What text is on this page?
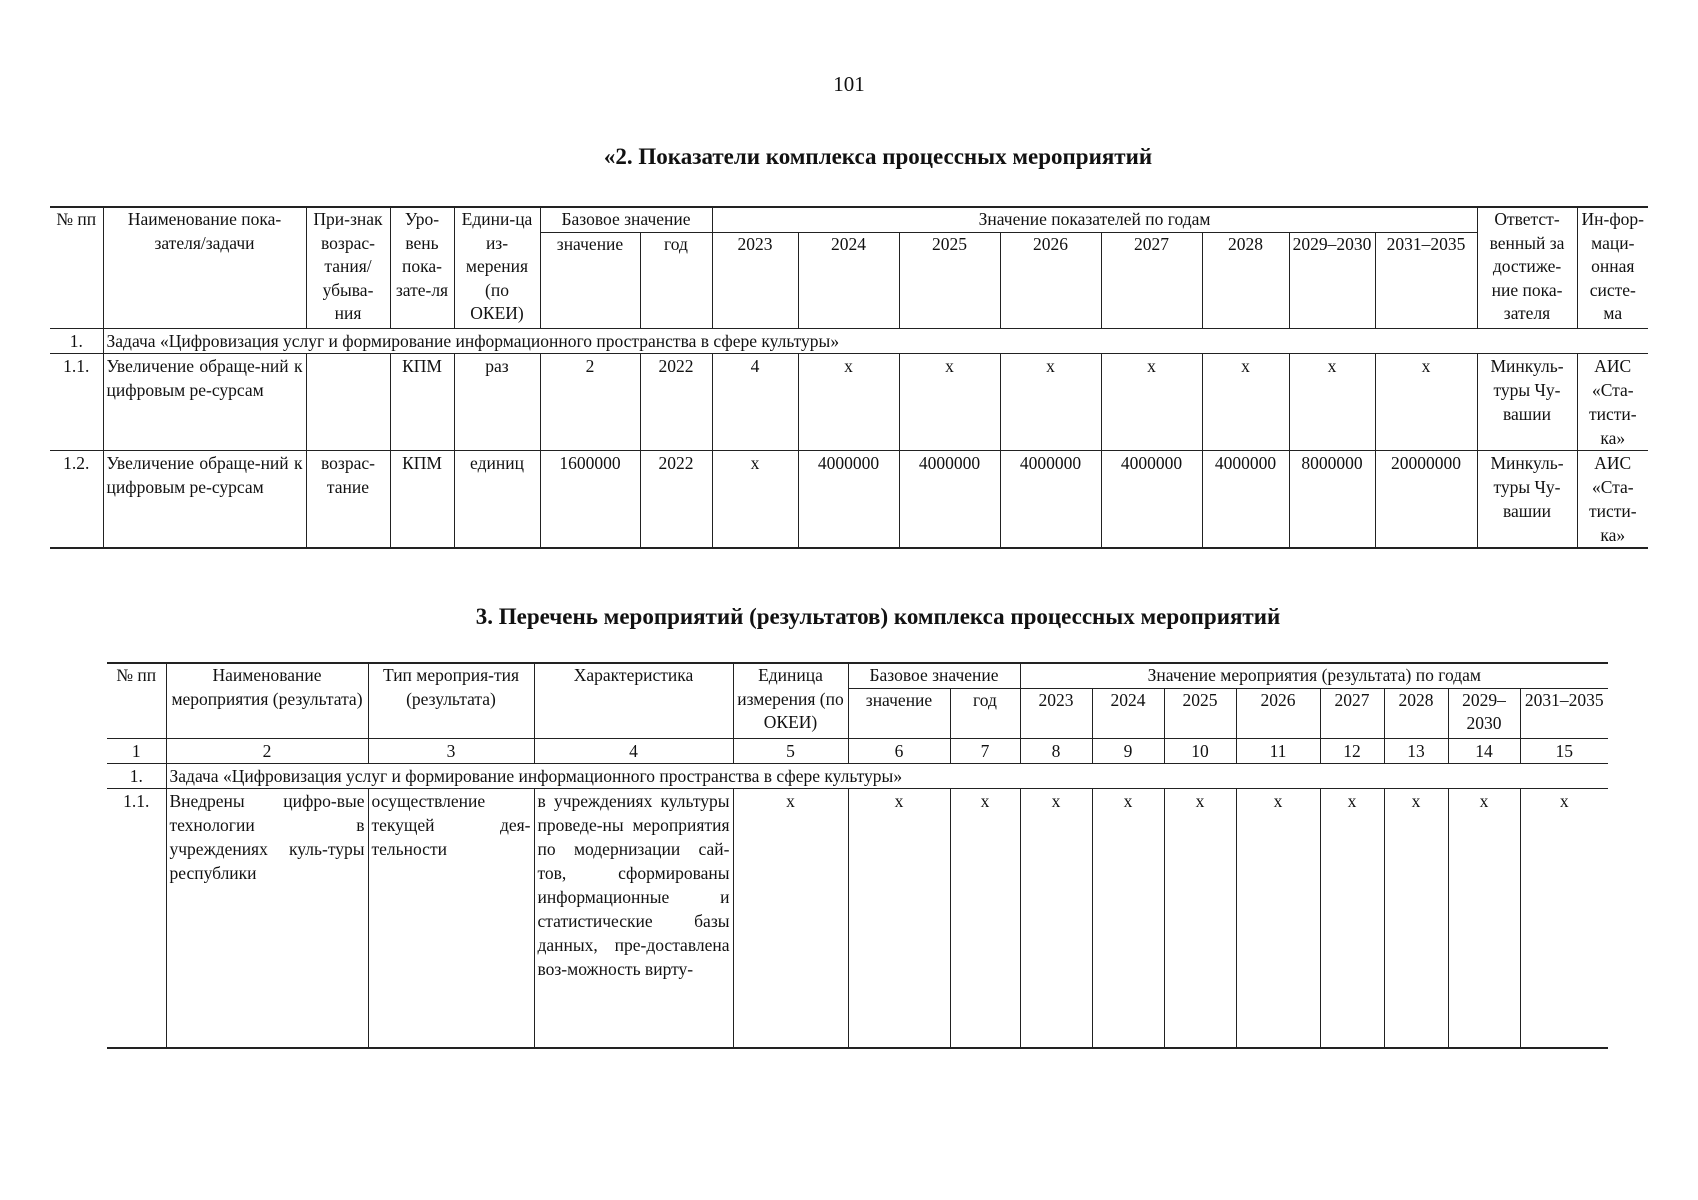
101
«2. Показатели комплекса процессных мероприятий
№ пп	Наименование пока-зателя/задачи	При-знак возрас-тания/ убыва-ния	Уро-вень пока-зате-ля	Едини-ца из-мерения (по ОКЕИ)	Базовое значение		Значение показателей по годам								Ответст-венный за достиже-ние пока-зателя	Ин-фор-маци-онная систе-ма
					значение	год	2023	2024	2025	2026	2027	2028	2029–2030	2031–2035		
1.	Задача «Цифровизация услуг и формирование информационного пространства в сфере культуры»															
1.1.	Увеличение обраще-ний к цифровым ре-сурсам		КПМ	раз	2	2022	4	х	х	х	х	х	х	х	Минкуль-туры Чу-вашии	АИС «Ста-тисти-ка»
1.2.	Увеличение обраще-ний к цифровым ре-сурсам	возрас-тание	КПМ	единиц	1600000	2022	х	4000000	4000000	4000000	4000000	4000000	8000000	20000000	Минкуль-туры Чу-вашии	АИС «Ста-тисти-ка»
3. Перечень мероприятий (результатов) комплекса процессных мероприятий
№ пп	Наименование мероприятия (результата)	Тип мероприя-тия (результата)	Характеристика	Единица измерения (по ОКЕИ)	Базовое значение		Значение мероприятия (результата) по годам							
					значение	год	2023	2024	2025	2026	2027	2028	2029–2030	2031–2035
1	2	3	4	5	6	7	8	9	10	11	12	13	14	15
1.	Задача «Цифровизация услуг и формирование информационного пространства в сфере культуры»													
1.1.	Внедрены цифро-вые технологии в учреждениях куль-туры республики	осуществление текущей дея-тельности	в учреждениях культуры проведе-ны мероприятия по модернизации сай-тов, сформированы информационные и статистические базы данных, пре-доставлена воз-можность вирту-	х	х	х	х	х	х	х	х	х	х	х
